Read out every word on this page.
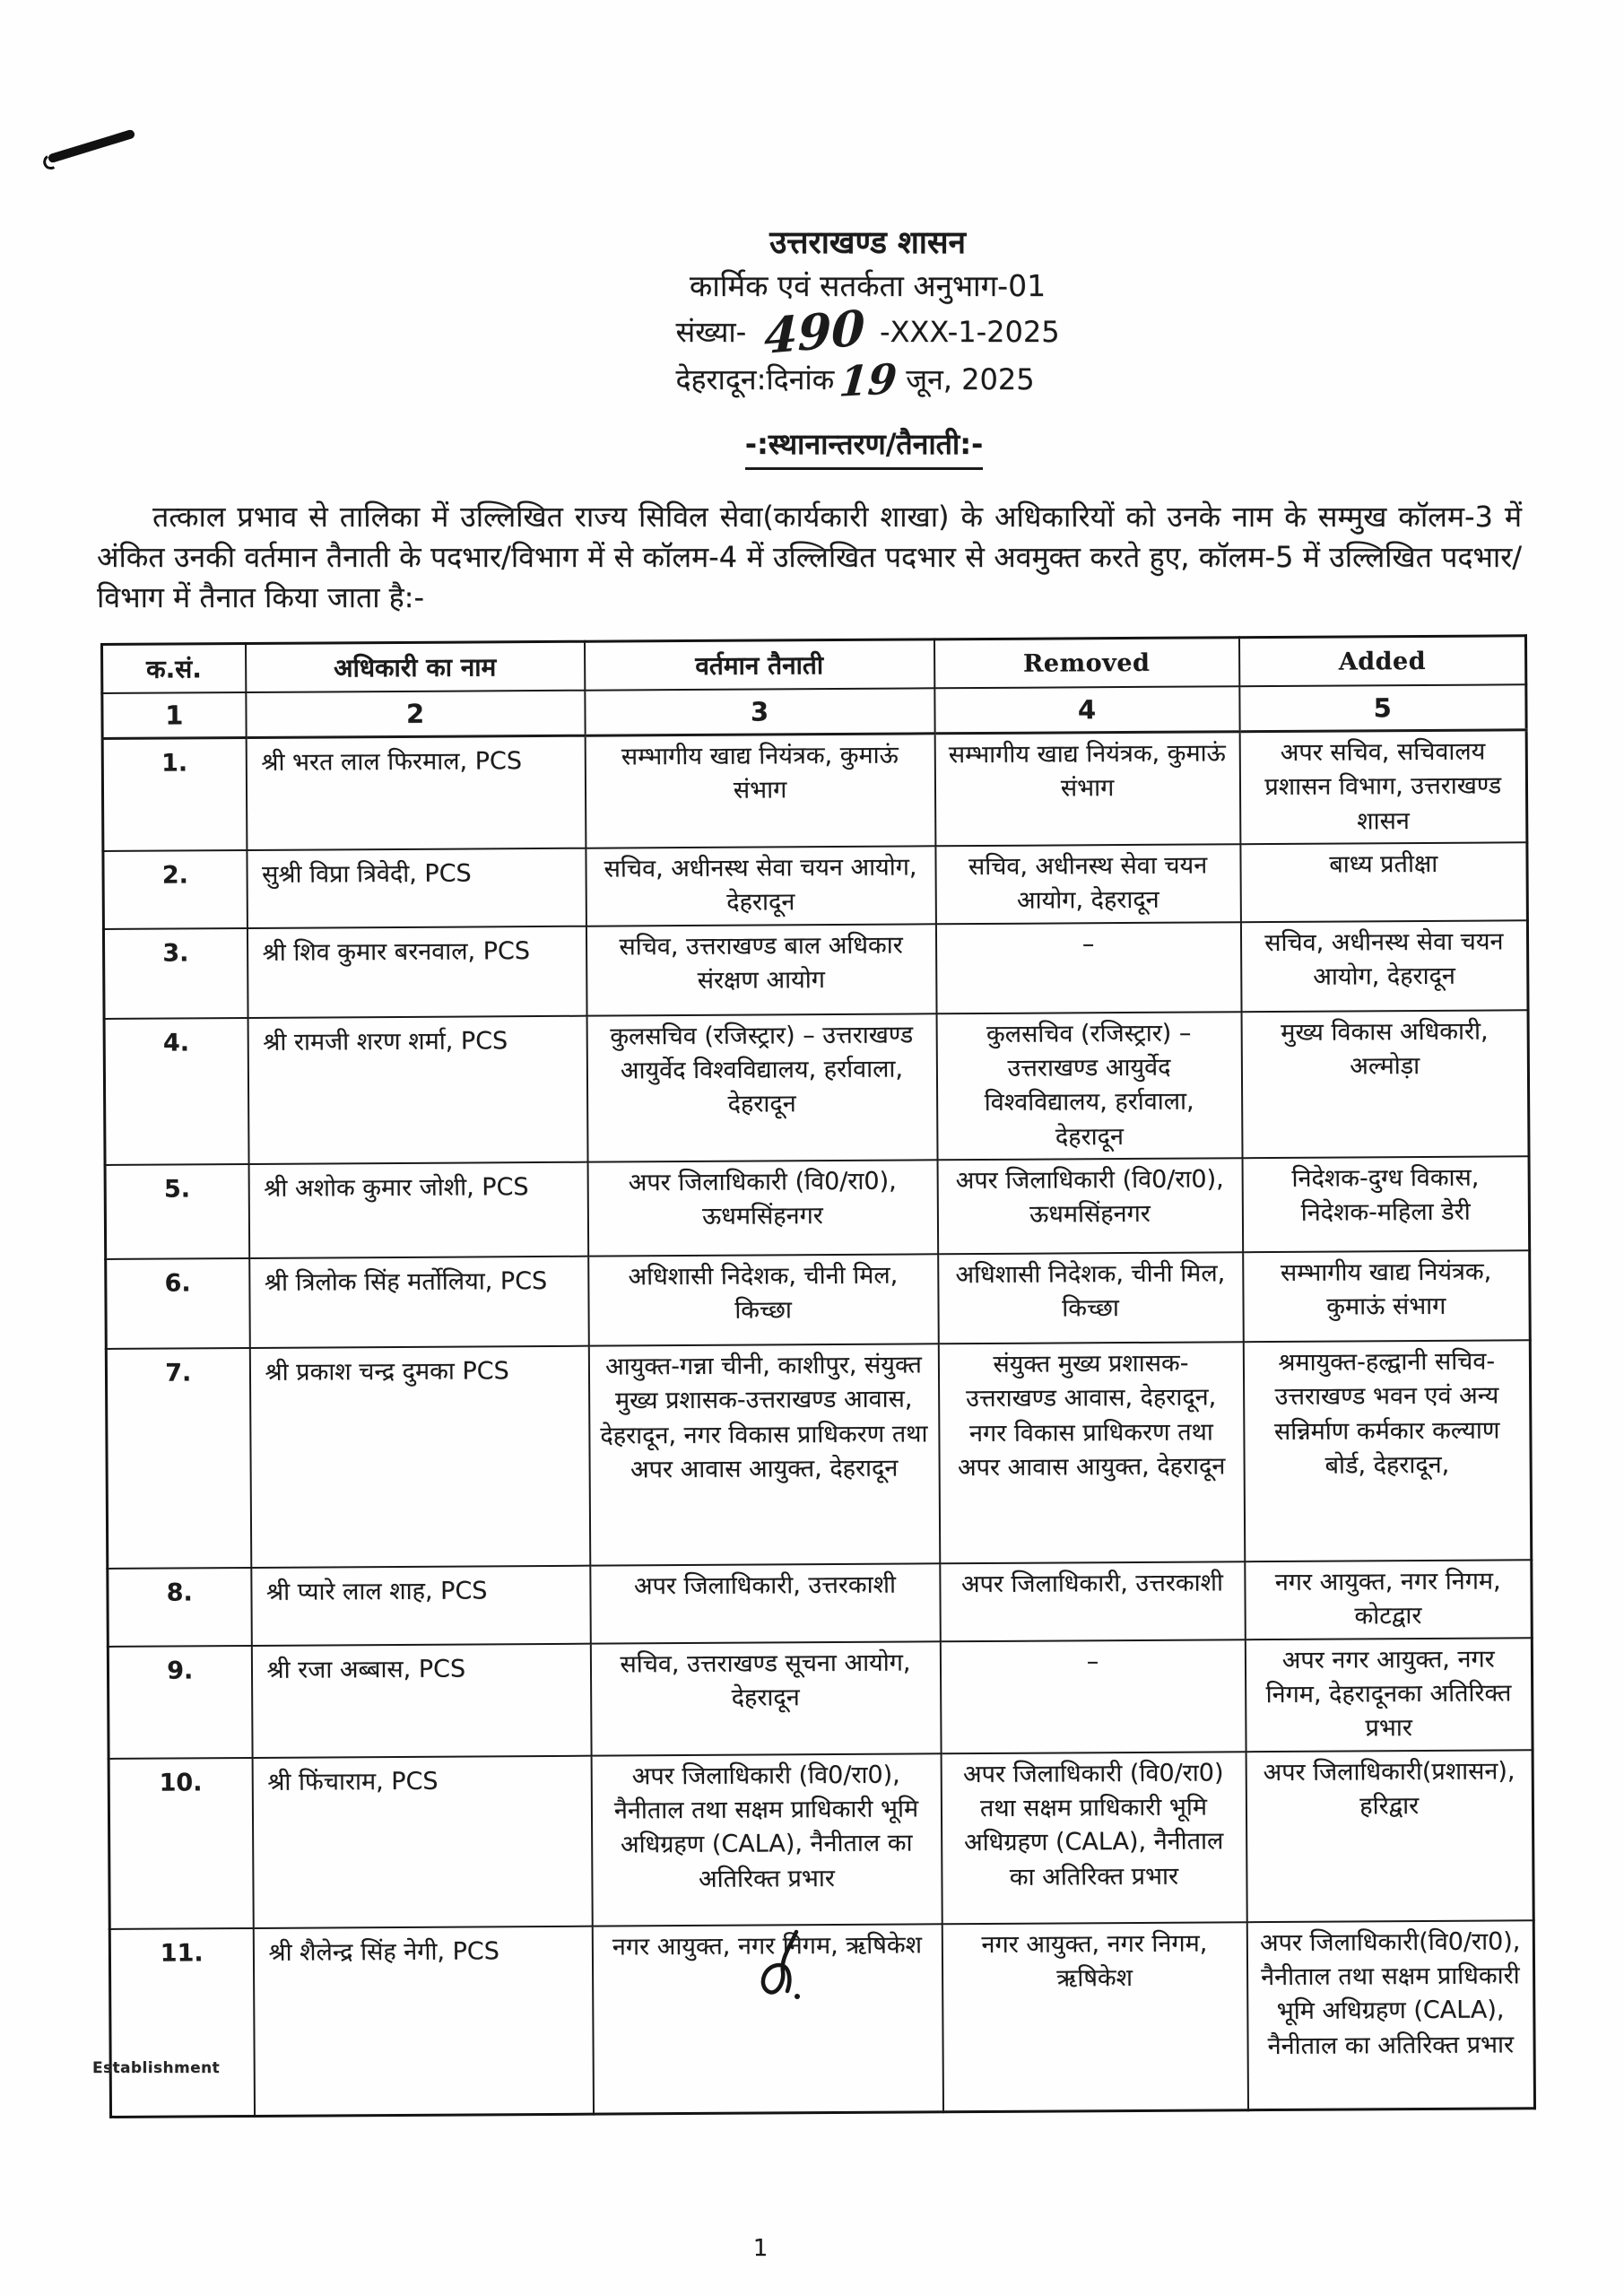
उत्तराखण्ड शासन
कार्मिक एवं सतर्कता अनुभाग-01
संख्या- 490 -XXX-1-2025
देहरादून:दिनांक19 जून, 2025
-:स्थानान्तरण/तैनाती:-

तत्काल प्रभाव से तालिका में उल्लिखित राज्य सिविल सेवा(कार्यकारी शाखा) के अधिकारियों को उनके नाम के सम्मुख कॉलम-3 में अंकित उनकी वर्तमान तैनाती के पदभार/विभाग में से कॉलम-4 में उल्लिखित पदभार से अवमुक्त करते हुए, कॉलम-5 में उल्लिखित पदभार/विभाग में तैनात किया जाता है:-

क.सं.	अधिकारी का नाम	वर्तमान तैनाती	Removed	Added
1	2	3	4	5
1.	श्री भरत लाल फिरमाल, PCS	सम्भागीय खाद्य नियंत्रक, कुमाऊं संभाग	सम्भागीय खाद्य नियंत्रक, कुमाऊं संभाग	अपर सचिव, सचिवालय प्रशासन विभाग, उत्तराखण्ड शासन
2.	सुश्री विप्रा त्रिवेदी, PCS	सचिव, अधीनस्थ सेवा चयन आयोग, देहरादून	सचिव, अधीनस्थ सेवा चयन आयोग, देहरादून	बाध्य प्रतीक्षा
3.	श्री शिव कुमार बरनवाल, PCS	सचिव, उत्तराखण्ड बाल अधिकार संरक्षण आयोग	–	सचिव, अधीनस्थ सेवा चयन आयोग, देहरादून
4.	श्री रामजी शरण शर्मा, PCS	कुलसचिव (रजिस्ट्रार) – उत्तराखण्ड आयुर्वेद विश्वविद्यालय, हर्रावाला, देहरादून	कुलसचिव (रजिस्ट्रार) – उत्तराखण्ड आयुर्वेद विश्वविद्यालय, हर्रावाला, देहरादून	मुख्य विकास अधिकारी, अल्मोड़ा
5.	श्री अशोक कुमार जोशी, PCS	अपर जिलाधिकारी (वि0/रा0), ऊधमसिंहनगर	अपर जिलाधिकारी (वि0/रा0), ऊधमसिंहनगर	निदेशक-दुग्ध विकास, निदेशक-महिला डेरी
6.	श्री त्रिलोक सिंह मर्तोलिया, PCS	अधिशासी निदेशक, चीनी मिल, किच्छा	अधिशासी निदेशक, चीनी मिल, किच्छा	सम्भागीय खाद्य नियंत्रक, कुमाऊं संभाग
7.	श्री प्रकाश चन्द्र दुमका PCS	आयुक्त-गन्ना चीनी, काशीपुर, संयुक्त मुख्य प्रशासक-उत्तराखण्ड आवास, देहरादून, नगर विकास प्राधिकरण तथा अपर आवास आयुक्त, देहरादून	संयुक्त मुख्य प्रशासक- उत्तराखण्ड आवास, देहरादून, नगर विकास प्राधिकरण तथा अपर आवास आयुक्त, देहरादून	श्रमायुक्त-हल्द्वानी सचिव-उत्तराखण्ड भवन एवं अन्य सन्निर्माण कर्मकार कल्याण बोर्ड, देहरादून,
8.	श्री प्यारे लाल शाह, PCS	अपर जिलाधिकारी, उत्तरकाशी	अपर जिलाधिकारी, उत्तरकाशी	नगर आयुक्त, नगर निगम, कोटद्वार
9.	श्री रजा अब्बास, PCS	सचिव, उत्तराखण्ड सूचना आयोग, देहरादून	–	अपर नगर आयुक्त, नगर निगम, देहरादूनका अतिरिक्त प्रभार
10.	श्री फिंचाराम, PCS	अपर जिलाधिकारी (वि0/रा0), नैनीताल तथा सक्षम प्राधिकारी भूमि अधिग्रहण (CALA), नैनीताल का अतिरिक्त प्रभार	अपर जिलाधिकारी (वि0/रा0) तथा सक्षम प्राधिकारी भूमि अधिग्रहण (CALA), नैनीताल का अतिरिक्त प्रभार	अपर जिलाधिकारी(प्रशासन), हरिद्वार
11.	श्री शैलेन्द्र सिंह नेगी, PCS	नगर आयुक्त, नगर निगम, ऋषिकेश	नगर आयुक्त, नगर निगम, ऋषिकेश	अपर जिलाधिकारी(वि0/रा0), नैनीताल तथा सक्षम प्राधिकारी भूमि अधिग्रहण (CALA), नैनीताल का अतिरिक्त प्रभार
Establishment
1
